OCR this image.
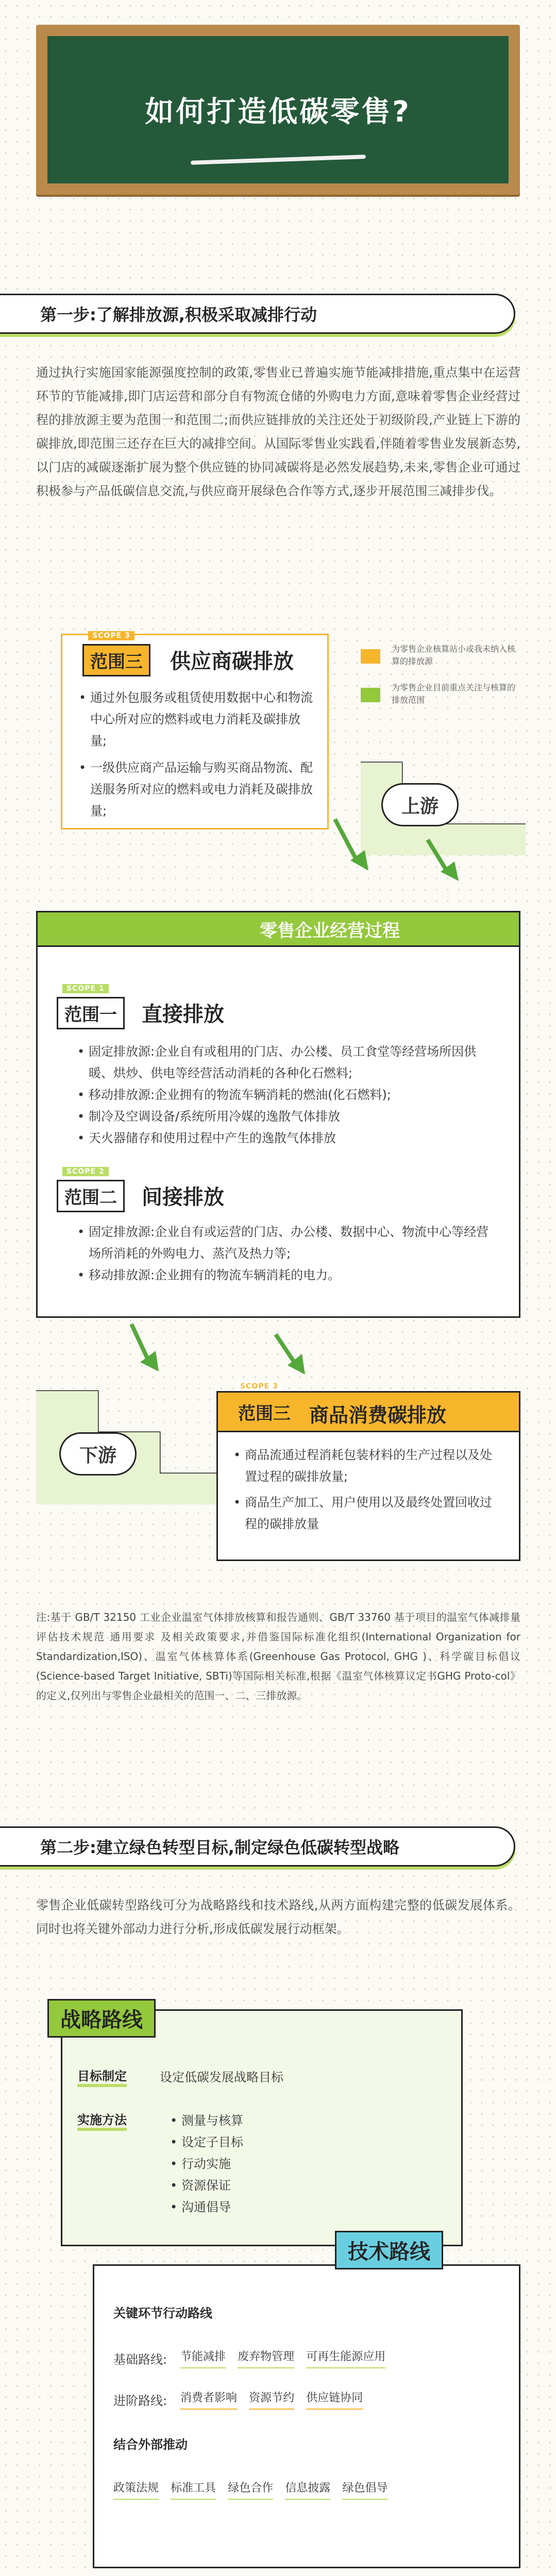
如何打造低碳零售?
第一步:了解排放源,积极采取减排行动
通过执行实施国家能源强度控制的政策,零售业已普遍实施节能减排措施,重点集中在运营环节的节能减排,即门店运营和部分自有物流仓储的外购电力方面,意味着零售企业经营过程的排放源主要为范围一和范围二;而供应链排放的关注还处于初级阶段,产业链上下游的碳排放,即范围三还存在巨大的减排空间。从国际零售业实践看,伴随着零售业发展新态势,以门店的减碳逐渐扩展为整个供应链的协同减碳将是必然发展趋势,未来,零售企业可通过积极参与产品低碳信息交流,与供应商开展绿色合作等方式,逐步开展范围三减排步伐。
• 通过外包服务或租赁使用数据中心和物流中心所对应的燃料或电力消耗及碳排放量;
• 一级供应商产品运输与购买商品物流、配送服务所对应的燃料或电力消耗及碳排放量;
SCOPE 3
范围三	供应商碳排放
为零售企业核算站小或我未纳入核算的排放源
为零售企业目前重点关注与核算的排放范围
上游
零售企业经营过程
SCOPE 1
范围一	直接排放
• 固定排放源:企业自有或租用的门店、办公楼、员工食堂等经营场所因供暖、烘炒、供电等经营活动消耗的各种化石燃料;
• 移动排放源:企业拥有的物流车辆消耗的燃油(化石燃料);
• 制冷及空调设备/系统所用冷媒的逸散气体排放
• 天火器储存和使用过程中产生的逸散气体排放
SCOPE 2
范围二	间接排放
• 固定排放源:企业自有或运营的门店、办公楼、数据中心、物流中心等经营场所消耗的外购电力、蒸汽及热力等;
• 移动排放源:企业拥有的物流车辆消耗的电力。
下游	• 商品流通过程消耗包装材料的生产过程以及处置过程的碳排放量;
• 商品生产加工、用户使用以及最终处置回收过程的碳排放量
SCOPE 3
范围三 商品消费碳排放
注:基于 GB/T 32150 工业企业温室气体排放核算和报告通则、GB/T 33760 基于项目的温室气体减排量评估技术规范 通用要求 及相关政策要求,并借鉴国际标准化组织(International Organization for Standardization,ISO)、温室气体核算体系(Greenhouse Gas Protocol, GHG )、科学碳目标倡议(Science-based Target Initiative, SBTi)等国际相关标准,根据《温室气体核算议定书GHG Proto-col》的定义,仅列出与零售企业最相关的范围一、二、三排放源。
第二步:建立绿色转型目标,制定绿色低碳转型战略
零售企业低碳转型路线可分为战略路线和技术路线,从两方面构建完整的低碳发展体系。同时也将关键外部动力进行分析,形成低碳发展行动框架。
战略路线
目标制定	设定低碳发展战略目标
实施方法	• 测量与核算
• 设定子目标
• 行动实施
• 资源保证
• 沟通倡导
技术路线
关键环节行动路线
基础路线: 节能减排 废弃物管理 可再生能源应用
进阶路线: 消费者影响 资源节约 供应链协同
结合外部推动
政策法规 标准工具 绿色合作 信息披露 绿色倡导
